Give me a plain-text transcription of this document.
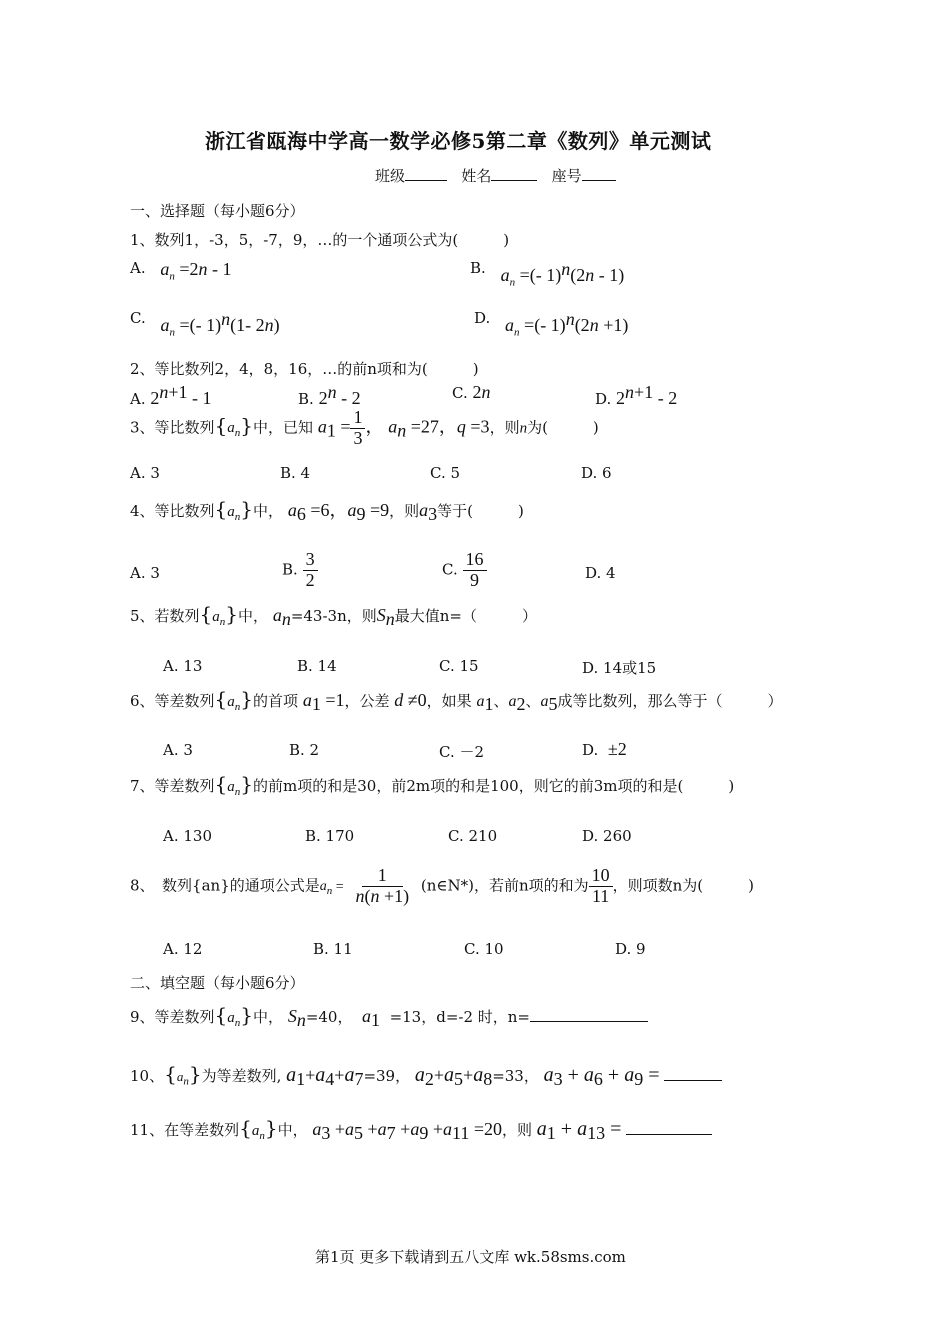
浙江省瓯海中学高一数学必修5第二章《数列》单元测试
班级	姓名	座号
一、选择题（每小题6分）
1、数列1，-3，5，-7，9，…的一个通项公式为(　　　)
A. $a_n =2n - 1$	B. $a_n$ =(- 1)$^n$(2n - 1)
C. $a_n$ =(- 1)$^n$(1- 2n)	D. $a_n$ =(- 1)$^n$(2n +1)
2、等比数列2，4，8，16，…的前n项和为(　　　)
A. $2^{n+1} - 1$	B. 2$^n$ - 2	C. 2n	D. $2^{n+1} - 2$
3、等比数列$\{a_n\}$中，已知 $a_1 = \frac{1}{3}$ ， $a_n =27$，q =3，则n为(　　　)
A. 3	B. 4	C. 5	D. 6
4、等比数列$\{a_n\}$中， $a_6 =6$，$a_9 =9$，则$a_3$等于(　　　)
A. 3	B. $\frac{3}{2}$	C. $\frac{16}{9}$	D. 4
5、若数列$\{a_n\}$中， $a_n=43-3n$，则$S_n$最大值n=（　　　）
A. 13	B. 14	C. 15	D. 14或15
6、等差数列$\{a_n\}$的首项 $a_1 =1$，公差 d ≠0，如果 $a_1$、$a_2$、$a_5$成等比数列，那么等于（　　　）
A. 3	B. 2	C. －2	D. ±2
7、等差数列$\{a_n\}$的前m项的和是30，前2m项的和是100，则它的前3m项的和是(　　　)
A. 130	B. 170	C. 210	D. 260
8、　数列{an}的通项公式是$a_n = \frac{1}{n(n +1)}$ (n∈N*)，若前n项的和为 $\frac{10}{11}$ ，则项数n为(　　　)
A. 12	B. 11	C. 10	D. 9
二、填空题（每小题6分）
9、等差数列$\{a_n\}$中， $S_n=40$， $a_1 =13$，d=-2 时，n=
10、$\{a_n\}$为等差数列, $a_1+a_4+a_7=39$， $a_2+a_5+a_8=33$， $a_3 + a_6 + a_9$ =
11、在等差数列$\{a_n\}$中， $a_3 +a_5 +a_7 +a_9 +a_{11} =20$，则 $a_1 + a_{13}$ =
第1页 更多下载请到五八文库 wk.58sms.com
